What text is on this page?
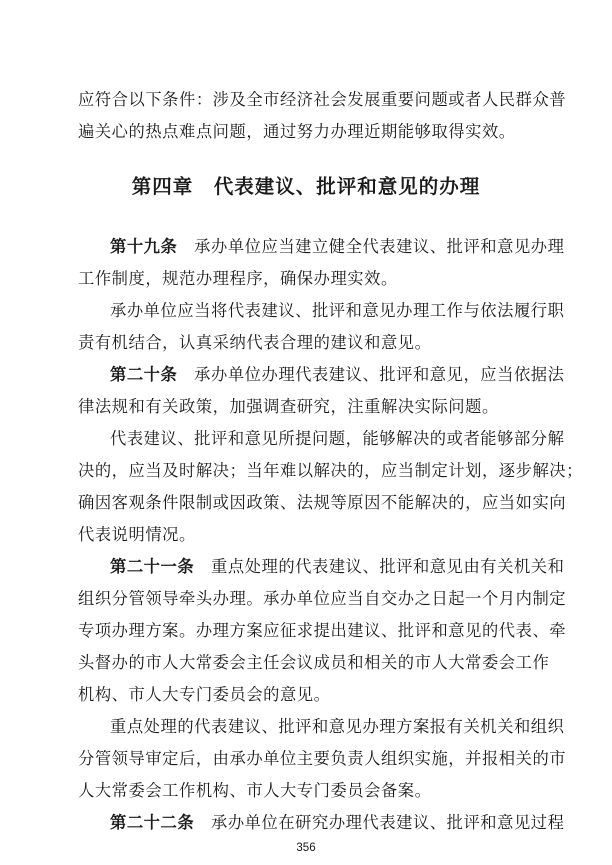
应符合以下条件：涉及全市经济社会发展重要问题或者人民群众普
遍关心的热点难点问题，通过努力办理近期能够取得实效。
第四章　代表建议、批评和意见的办理
第十九条　承办单位应当建立健全代表建议、批评和意见办理
工作制度，规范办理程序，确保办理实效。
承办单位应当将代表建议、批评和意见办理工作与依法履行职
责有机结合，认真采纳代表合理的建议和意见。
第二十条　承办单位办理代表建议、批评和意见，应当依据法
律法规和有关政策，加强调查研究，注重解决实际问题。
代表建议、批评和意见所提问题，能够解决的或者能够部分解
决的，应当及时解决；当年难以解决的，应当制定计划，逐步解决；
确因客观条件限制或因政策、法规等原因不能解决的，应当如实向
代表说明情况。
第二十一条　重点处理的代表建议、批评和意见由有关机关和
组织分管领导牵头办理。承办单位应当自交办之日起一个月内制定
专项办理方案。办理方案应征求提出建议、批评和意见的代表、牵
头督办的市人大常委会主任会议成员和相关的市人大常委会工作
机构、市人大专门委员会的意见。
重点处理的代表建议、批评和意见办理方案报有关机关和组织
分管领导审定后，由承办单位主要负责人组织实施，并报相关的市
人大常委会工作机构、市人大专门委员会备案。
第二十二条　承办单位在研究办理代表建议、批评和意见过程
356
